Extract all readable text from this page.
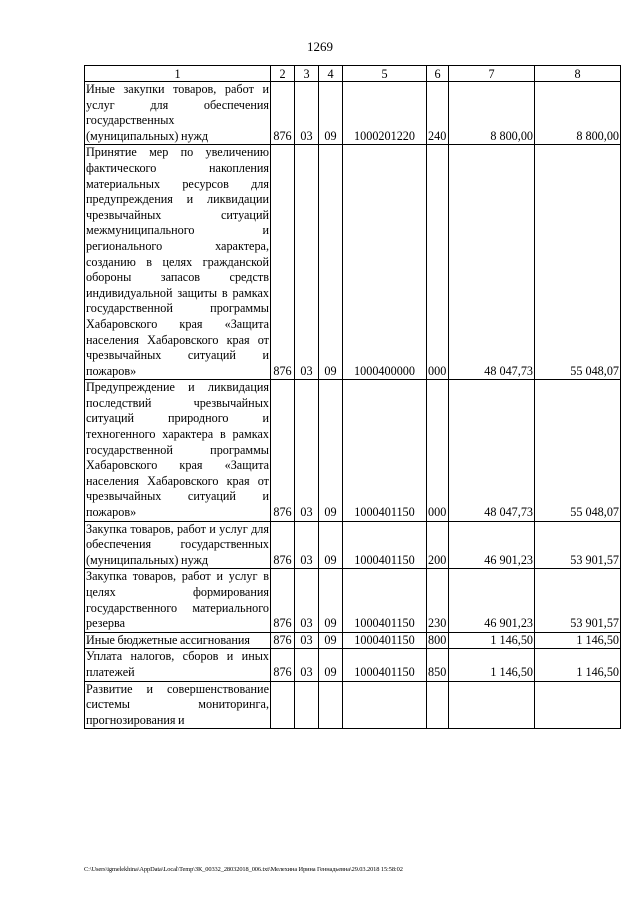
1269
1	2	3	4	5	6	7	8
Иные закупки товаров, работ и услуг для обеспечения государственных (муниципальных) нужд	876	03	09	1000201220	240	8 800,00	8 800,00
Принятие мер по увеличению фактического накопления материальных ресурсов для предупреждения и ликвидации чрезвычайных ситуаций межмуниципального и регионального характера, созданию в целях гражданской обороны запасов средств индивидуальной защиты в рамках государственной программы Хабаровского края «Защита населения Хабаровского края от чрезвычайных ситуаций и пожаров»	876	03	09	1000400000	000	48 047,73	55 048,07
Предупреждение и ликвидация последствий чрезвычайных ситуаций природного и техногенного характера в рамках государственной программы Хабаровского края «Защита населения Хабаровского края от чрезвычайных ситуаций и пожаров»	876	03	09	1000401150	000	48 047,73	55 048,07
Закупка товаров, работ и услуг для обеспечения государственных (муниципальных) нужд	876	03	09	1000401150	200	46 901,23	53 901,57
Закупка товаров, работ и услуг в целях формирования государственного материального резерва	876	03	09	1000401150	230	46 901,23	53 901,57
Иные бюджетные ассигнования	876	03	09	1000401150	800	1 146,50	1 146,50
Уплата налогов, сборов и иных платежей	876	03	09	1000401150	850	1 146,50	1 146,50
Развитие и совершенствование системы мониторинга, прогнозирования и							
C:\Users\igmelekhina\AppData\Local\Temp\ЗК_00332_28032018_006.txt\Мелехина Ирина Геннадьевна\29.03.2018 15:58:02
